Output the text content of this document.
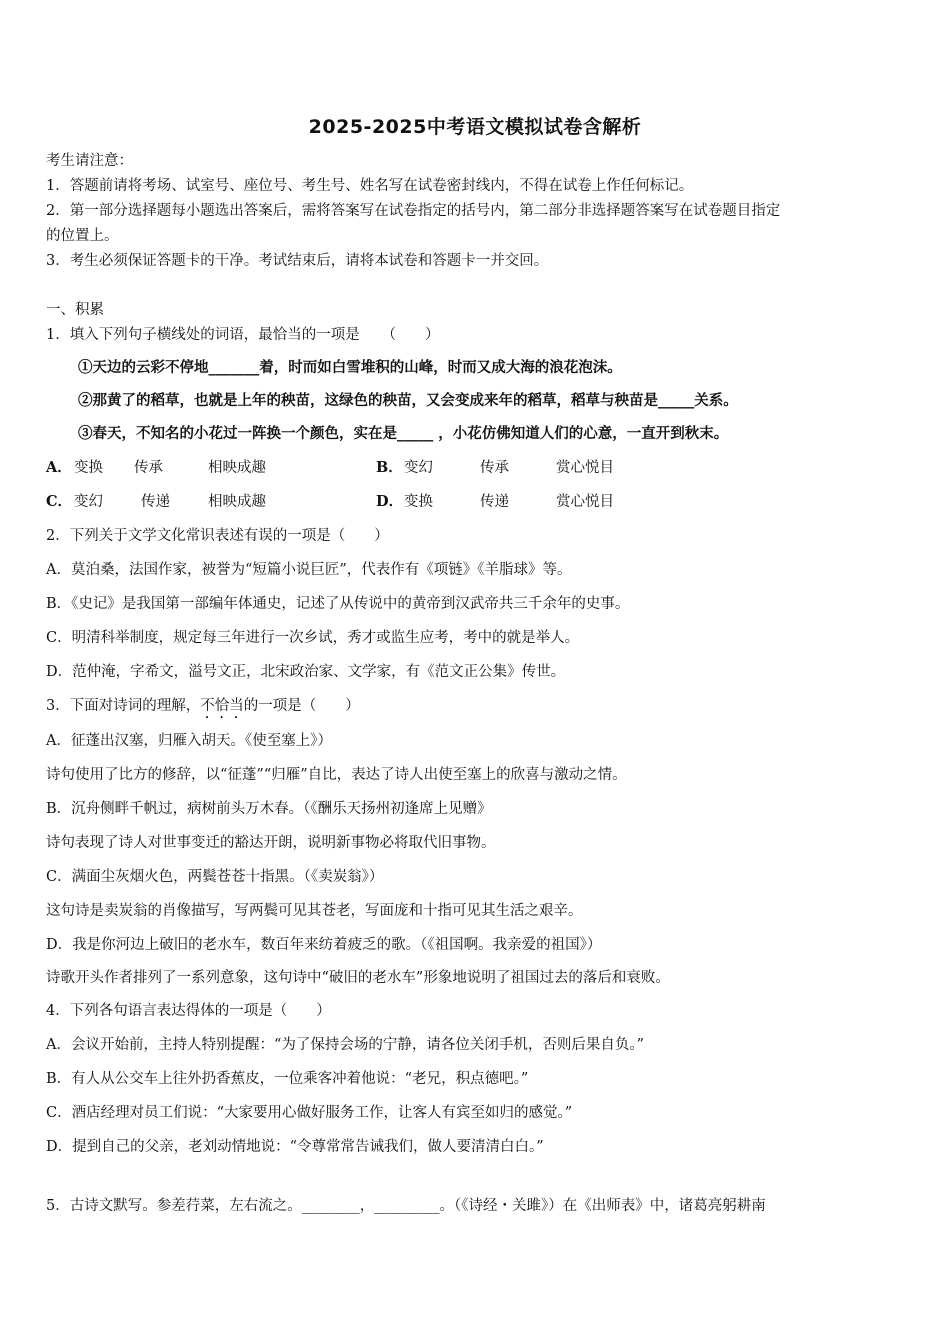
2025-2025中考语文模拟试卷含解析
考生请注意：
1．答题前请将考场、试室号、座位号、考生号、姓名写在试卷密封线内，不得在试卷上作任何标记。
2．第一部分选择题每小题选出答案后，需将答案写在试卷指定的括号内，第二部分非选择题答案写在试卷题目指定
的位置上。
3．考生必须保证答题卡的干净。考试结束后，请将本试卷和答题卡一并交回。
一、积累
1．填入下列句子横线处的词语，最恰当的一项是　　（　　）
①天边的云彩不停地_______着，时而如白雪堆积的山峰，时而又成大海的浪花泡沫。
②那黄了的稻草，也就是上年的秧苗，这绿色的秧苗，又会变成来年的稻草，稻草与秧苗是_____关系。
③春天，不知名的小花过一阵换一个颜色，实在是_____ ，小花仿佛知道人们的心意，一直开到秋末。
A． 变换 传承	相映成趣	B． 变幻	传承	赏心悦目
C． 变幻	传递	相映成趣	D． 变换	传递	赏心悦目
2．下列关于文学文化常识表述有误的一项是（　　）
A．莫泊桑，法国作家，被誉为“短篇小说巨匠”，代表作有《项链》《羊脂球》等。
B．《史记》是我国第一部编年体通史，记述了从传说中的黄帝到汉武帝共三千余年的史事。
C．明清科举制度，规定每三年进行一次乡试，秀才或监生应考，考中的就是举人。
D．范仲淹，字希文，溢号文正，北宋政治家、文学家，有《范文正公集》传世。
3．下面对诗词的理解，不恰当的一项是（　　）
A．征蓬出汉塞，归雁入胡天。《使至塞上》）
诗句使用了比方的修辞，以“征蓬”“归雁”自比，表达了诗人出使至塞上的欣喜与激动之情。
B．沉舟侧畔千帆过，病树前头万木春。（《酬乐天扬州初逢席上见赠》
诗句表现了诗人对世事变迁的豁达开朗，说明新事物必将取代旧事物。
C．满面尘灰烟火色，两鬓苍苍十指黑。（《卖炭翁》）
这句诗是卖炭翁的肖像描写，写两鬓可见其苍老，写面庞和十指可见其生活之艰辛。
D．我是你河边上破旧的老水车，数百年来纺着疲乏的歌。（《祖国啊。我亲爱的祖国》）
诗歌开头作者排列了一系列意象，这句诗中“破旧的老水车”形象地说明了祖国过去的落后和衰败。
4．下列各句语言表达得体的一项是（　　）
A．会议开始前，主持人特别提醒：“为了保持会场的宁静，请各位关闭手机，否则后果自负。”
B．有人从公交车上往外扔香蕉皮，一位乘客冲着他说：“老兄，积点德吧。”
C．酒店经理对员工们说：“大家要用心做好服务工作，让客人有宾至如归的感觉。”
D．提到自己的父亲，老刘动情地说：“令尊常常告诫我们，做人要清清白白。”
5．古诗文默写。参差荇菜，左右流之。________，_________。（《诗经・关雎》）在《出师表》中，诸葛亮躬耕南
